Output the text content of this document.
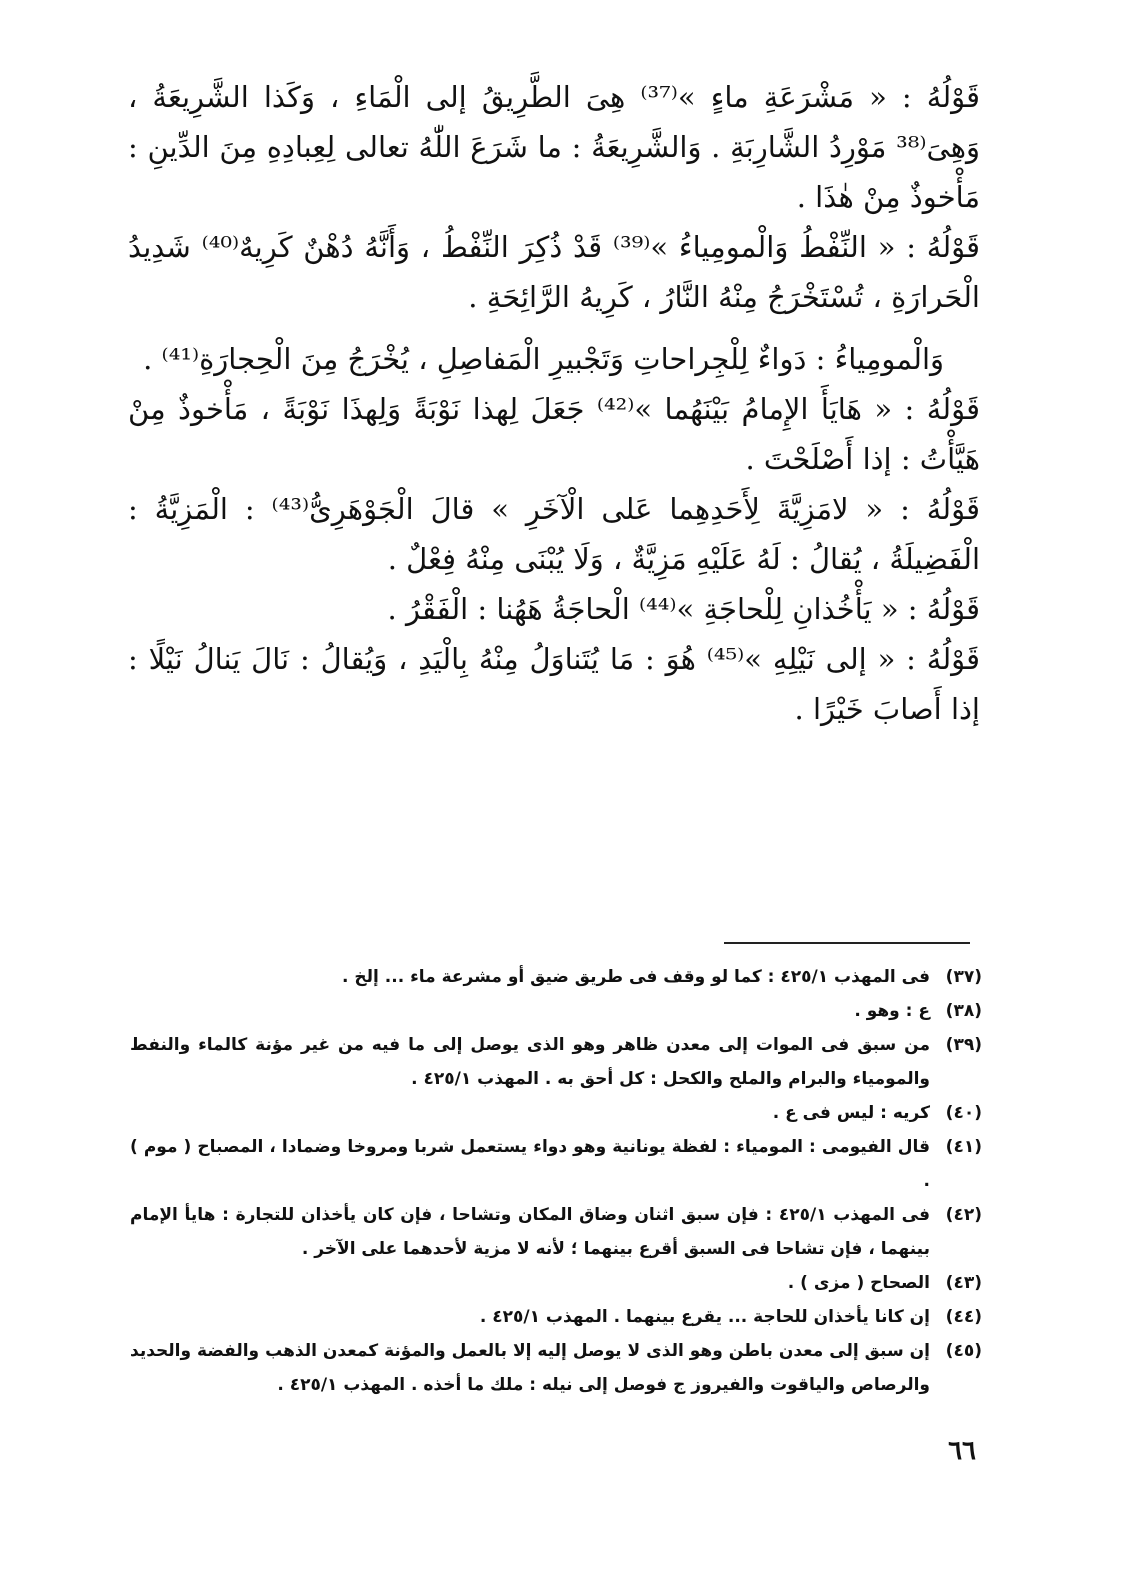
قَوْلُهُ : « مَشْرَعَةِ ماءٍ »⁽³⁷⁾ هِىَ الطَّرِيقُ إلى الْمَاءِ ، وَكَذا الشَّرِيعَةُ ، وَهِىَ⁽³⁸ مَوْرِدُ الشَّارِبَةِ . وَالشَّرِيعَةُ : ما شَرَعَ اللّٰهُ تعالى لِعِبادِهِ مِنَ الدِّينِ : مَأْخوذٌ مِنْ هٰذَا .

قَوْلُهُ : « النِّفْطُ وَالْمومِياءُ »⁽³⁹⁾ قَدْ ذُكِرَ النِّفْطُ ، وَأَنَّهُ دُهْنٌ كَرِيهٌ⁽⁴⁰⁾ شَدِيدُ الْحَرارَةِ ، تُسْتَخْرَجُ مِنْهُ النَّارُ ، كَرِيهُ الرَّائِحَةِ .

وَالْمومِياءُ : دَواءٌ لِلْجِراحاتِ وَتَجْبيرِ الْمَفاصِلِ ، يُخْرَجُ مِنَ الْحِجارَةِ⁽⁴¹⁾ .

قَوْلُهُ : « هَايَأَ الإِمامُ بَيْنَهُما »⁽⁴²⁾ جَعَلَ لِهذا نَوْبَةً وَلِهذَا نَوْبَةً ، مَأْخوذٌ مِنْ هَيَّأْتُ : إذا أَصْلَحْتَ .

قَوْلُهُ : « لامَزِيَّةَ لِأَحَدِهِما عَلى الْآخَرِ » قالَ الْجَوْهَرِىُّ⁽⁴³⁾ : الْمَزِيَّةُ : الْفَضِيلَةُ ، يُقالُ : لَهُ عَلَيْهِ مَزِيَّةٌ ، وَلَا يُبْنَى مِنْهُ فِعْلٌ .

قَوْلُهُ : « يَأْخُذانِ لِلْحاجَةِ »⁽⁴⁴⁾ الْحاجَةُ هَهُنا : الْفَقْرُ .

قَوْلُهُ : « إلى نَيْلِهِ »⁽⁴⁵⁾ هُوَ : مَا يُتَناوَلُ مِنْهُ بِالْيَدِ ، وَيُقالُ : نَالَ يَنالُ نَيْلًا : إذا أَصابَ خَيْرًا .

(٣٧)
فى المهذب ٤٢٥/١ : كما لو وقف فى طريق ضيق أو مشرعة ماء ... إلخ .
(٣٨)
ع : وهو .
(٣٩)
من سبق فى الموات إلى معدن ظاهر وهو الذى يوصل إلى ما فيه من غير مؤنة كالماء والنفط والمومياء والبرام والملح والكحل : كل أحق به . المهذب ٤٢٥/١ .
(٤٠)
كريه : ليس فى ع .
(٤١)
قال الفيومى : المومياء : لفظة يونانية وهو دواء يستعمل شربا ومروخا وضمادا ، المصباح ( موم ) .
(٤٢)
فى المهذب ٤٢٥/١ : فإن سبق اثنان وضاق المكان وتشاحا ، فإن كان يأخذان للتجارة : هايأ الإمام بينهما ، فإن تشاحا فى السبق أقرع بينهما ؛ لأنه لا مزية لأحدهما على الآخر .
(٤٣)
الصحاح ( مزى ) .
(٤٤)
إن كانا يأخذان للحاجة ... يقرع بينهما . المهذب ٤٢٥/١ .
(٤٥)
إن سبق إلى معدن باطن وهو الذى لا يوصل إليه إلا بالعمل والمؤنة كمعدن الذهب والفضة والحديد والرصاص والياقوت والفيروز ج فوصل إلى نيله : ملك ما أخذه . المهذب ٤٢٥/١ .
٦٦
